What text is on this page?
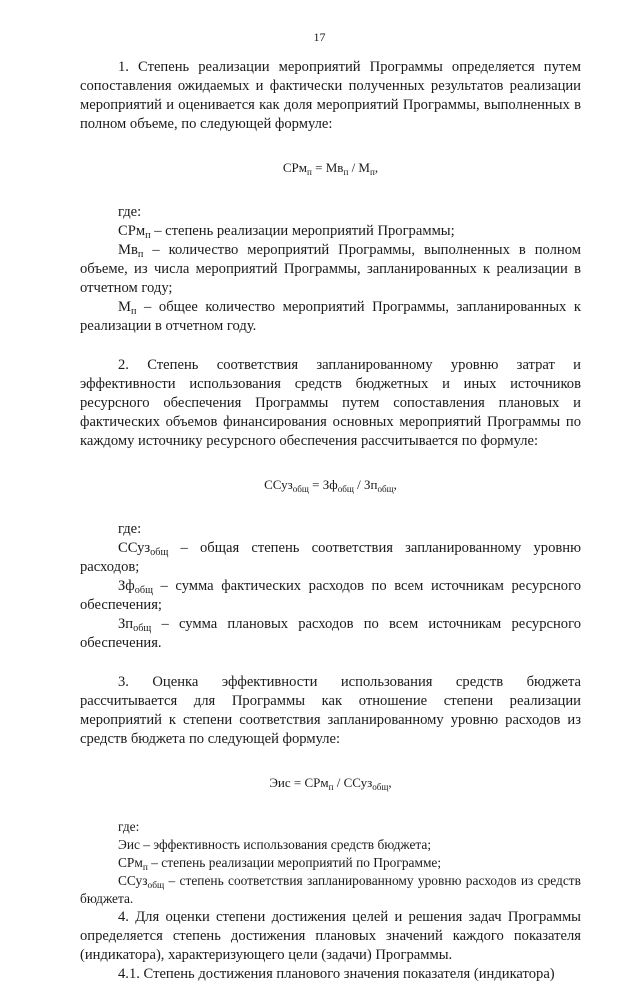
17

1. Степень реализации мероприятий Программы определяется путем сопоставления ожидаемых и фактически полученных результатов реализации мероприятий и оценивается как доля мероприятий Программы, выполненных в полном объеме, по следующей формуле:

$СРм_п = Мв_п / М_п$,

где:

СРм$_п$ – степень реализации мероприятий Программы;

$Мв_п$ – количество мероприятий Программы, выполненных в полном объеме, из числа мероприятий Программы, запланированных к реализации в отчетном году;

$М_п$ – общее количество мероприятий Программы, запланированных к реализации в отчетном году.

2. Степень соответствия запланированному уровню затрат и эффективности использования средств бюджетных и иных источников ресурсного обеспечения Программы путем сопоставления плановых и фактических объемов финансирования основных мероприятий Программы по каждому источнику ресурсного обеспечения рассчитывается по формуле:

ССуз$_{общ}$ = $Зф_{общ} / Зп_{общ}$,

где:

ССуз$_{общ}$ – общая степень соответствия запланированному уровню расходов;

$Зф_{общ}$ – сумма фактических расходов по всем источникам ресурсного обеспечения;

$Зп_{общ}$ – сумма плановых расходов по всем источникам ресурсного обеспечения.

3. Оценка эффективности использования средств бюджета рассчитывается для Программы как отношение степени реализации мероприятий к степени соответствия запланированному уровню расходов из средств бюджета по следующей формуле:

Эис = СРм$_п$ / ССуз$_{общ}$,

где:

Эис – эффективность использования средств бюджета;

СРм$_п$ – степень реализации мероприятий по Программе;

ССуз$_{общ}$ – степень соответствия запланированному уровню расходов из средств бюджета.

4. Для оценки степени достижения целей и решения задач Программы определяется степень достижения плановых значений каждого показателя (индикатора), характеризующего цели (задачи) Программы.

4.1. Степень достижения планового значения показателя (индикатора)
